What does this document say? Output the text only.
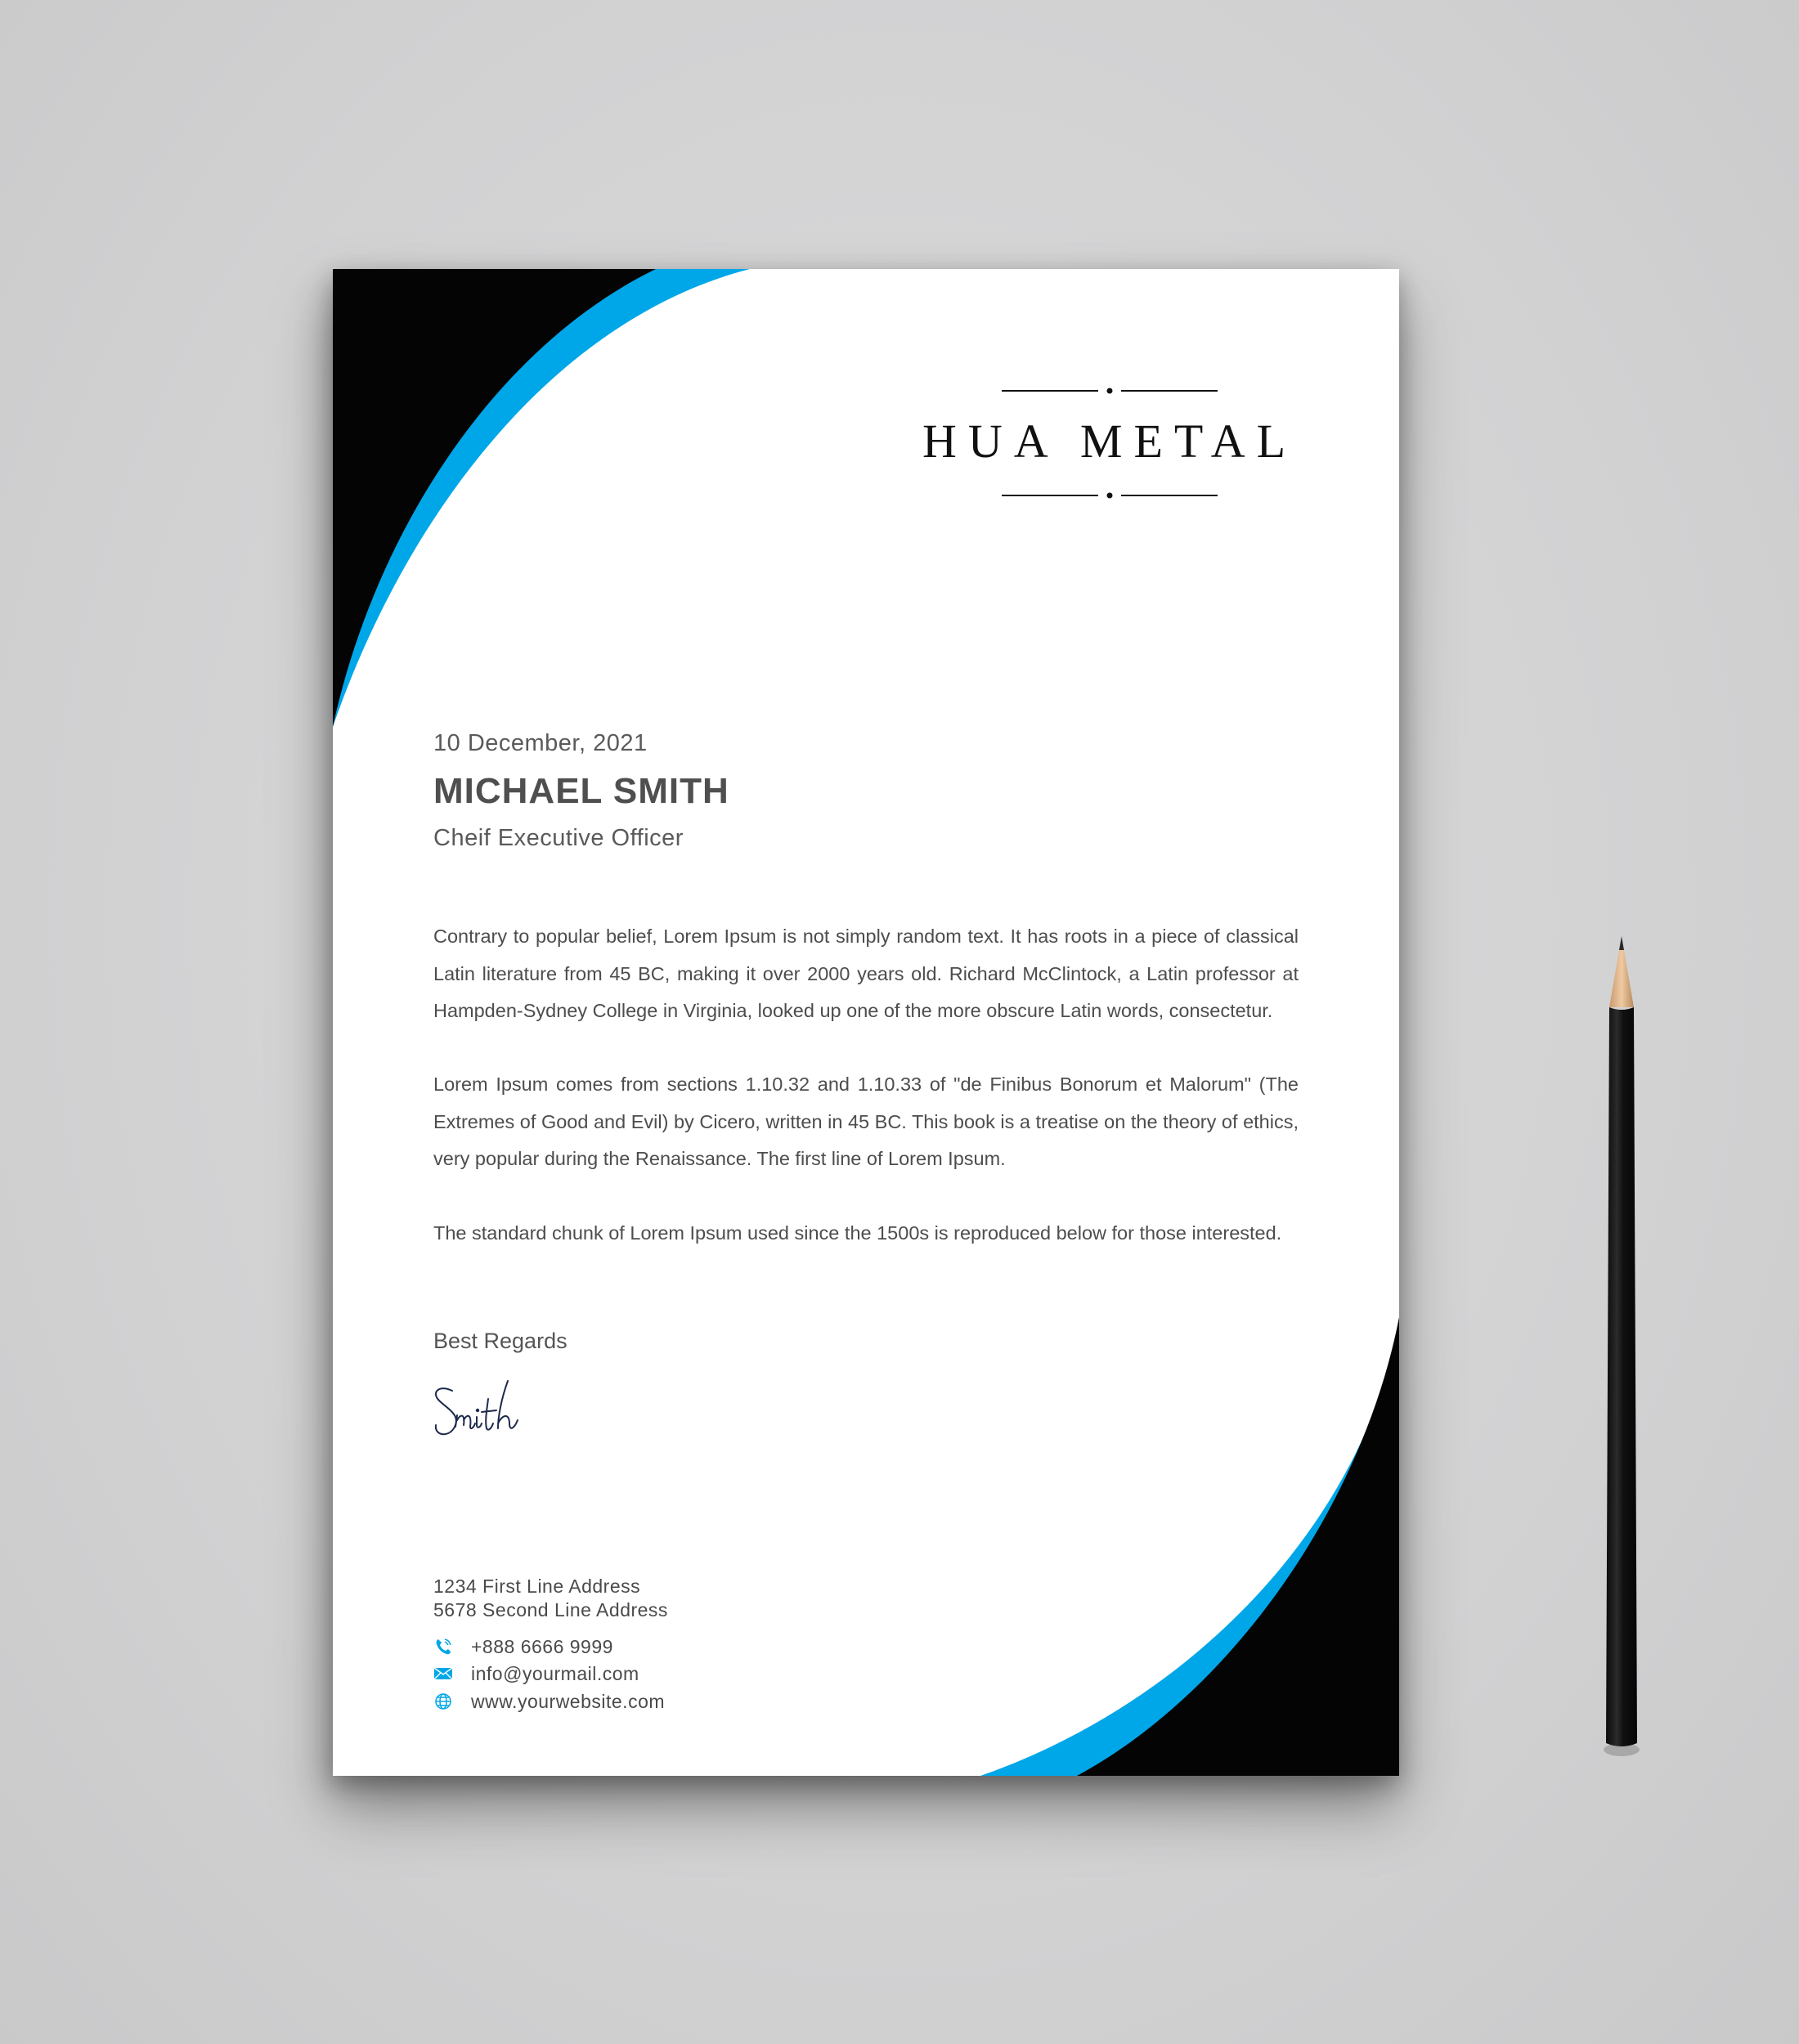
HUA METAL
10 December, 2021
MICHAEL SMITH
Cheif Executive Officer
Contrary to popular belief, Lorem Ipsum is not simply random text. It has roots in a piece of classical Latin literature from 45 BC, making it over 2000 years old. Richard McClintock, a Latin professor at Hampden-Sydney College in Virginia, looked up one of the more obscure Latin words, consectetur.
Lorem Ipsum comes from sections 1.10.32 and 1.10.33 of "de Finibus Bonorum et Malorum" (The Extremes of Good and Evil) by Cicero, written in 45 BC. This book is a treatise on the theory of ethics, very popular during the Renaissance. The first line of Lorem Ipsum.
The standard chunk of Lorem Ipsum used since the 1500s is reproduced below for those interested.
Best Regards
1234 First Line Address
5678 Second Line Address
+888 6666 9999
info@yourmail.com
www.yourwebsite.com
